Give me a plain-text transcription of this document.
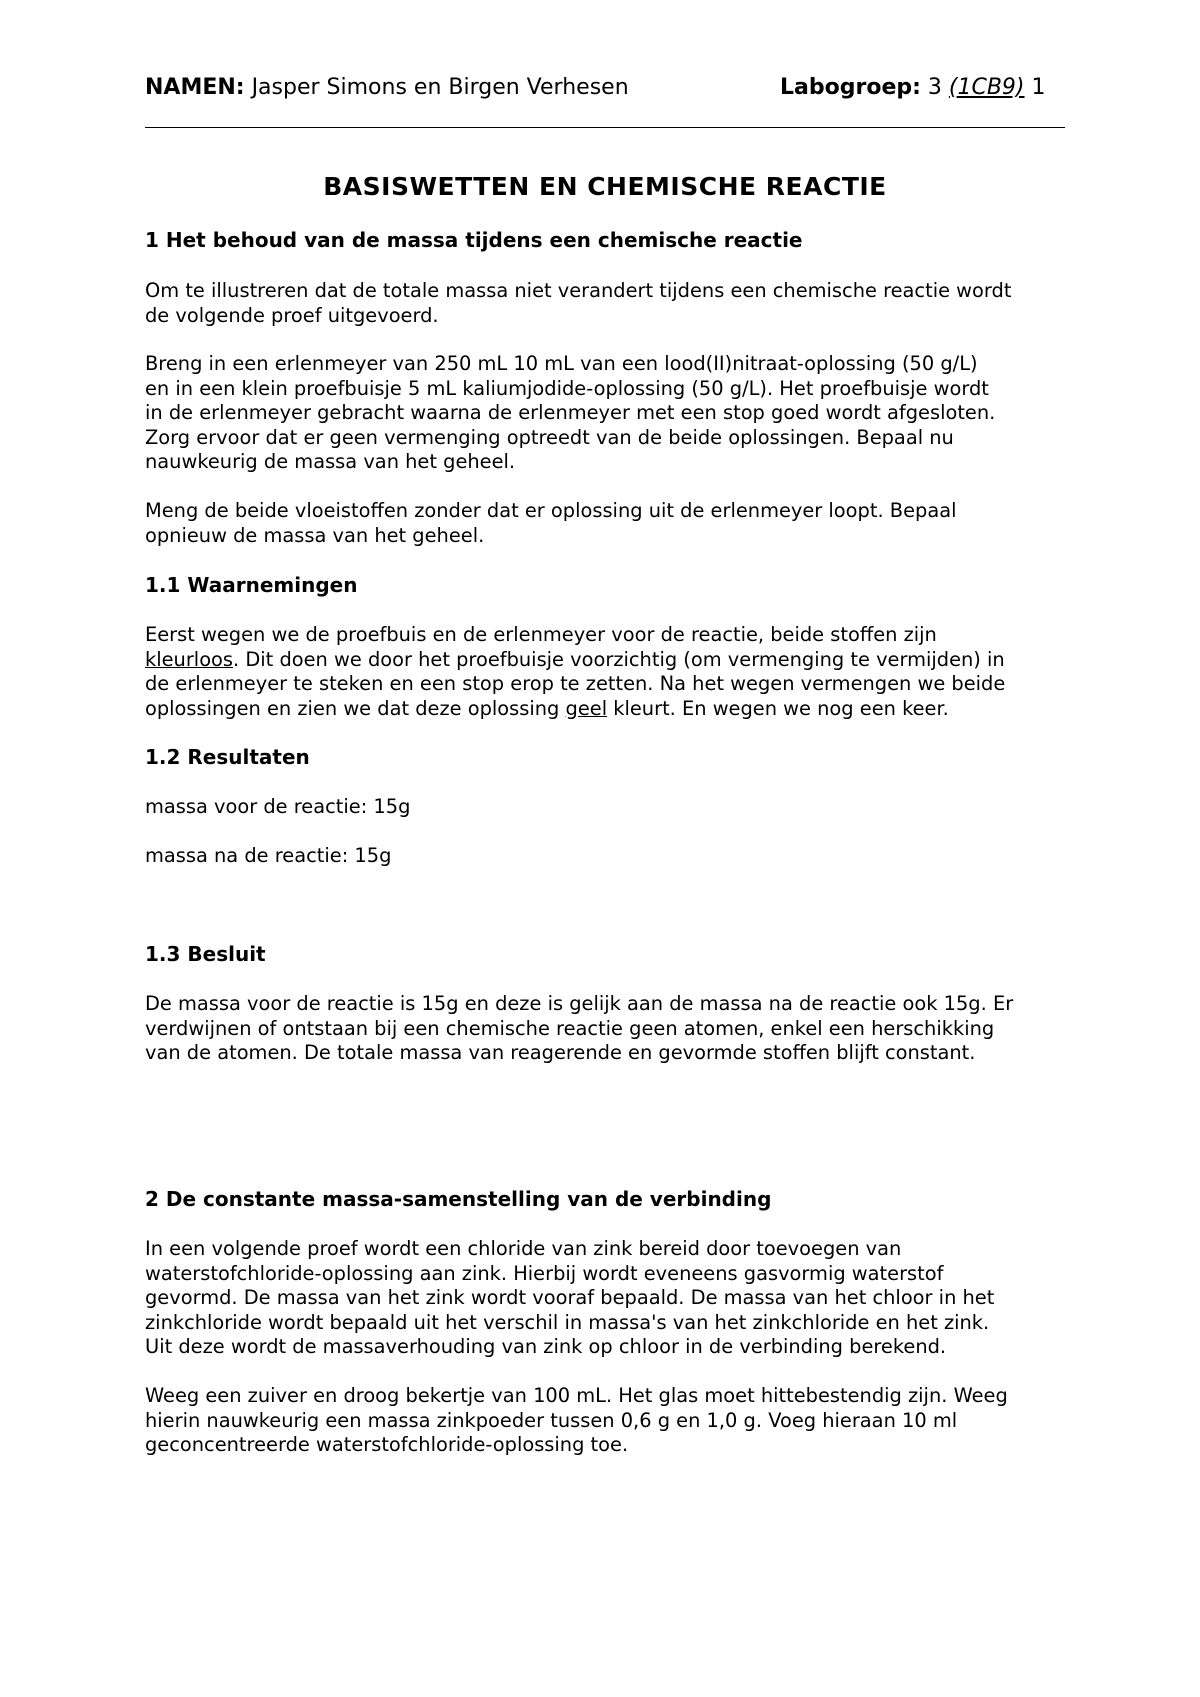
NAMEN: Jasper Simons en Birgen Verhesen	Labogroep: 3 (1CB9) 1
BASISWETTEN EN CHEMISCHE REACTIE
1 Het behoud van de massa tijdens een chemische reactie
Om te illustreren dat de totale massa niet verandert tijdens een chemische reactie wordt
de volgende proef uitgevoerd.
Breng in een erlenmeyer van 250 mL 10 mL van een lood(II)nitraat-oplossing (50 g/L)
en in een klein proefbuisje 5 mL kaliumjodide-oplossing (50 g/L). Het proefbuisje wordt
in de erlenmeyer gebracht waarna de erlenmeyer met een stop goed wordt afgesloten.
Zorg ervoor dat er geen vermenging optreedt van de beide oplossingen. Bepaal nu
nauwkeurig de massa van het geheel.
Meng de beide vloeistoffen zonder dat er oplossing uit de erlenmeyer loopt. Bepaal
opnieuw de massa van het geheel.
1.1 Waarnemingen
Eerst wegen we de proefbuis en de erlenmeyer voor de reactie, beide stoffen zijn
kleurloos. Dit doen we door het proefbuisje voorzichtig (om vermenging te vermijden) in
de erlenmeyer te steken en een stop erop te zetten. Na het wegen vermengen we beide
oplossingen en zien we dat deze oplossing geel kleurt. En wegen we nog een keer.
1.2 Resultaten
massa voor de reactie: 15g
massa na de reactie: 15g
1.3 Besluit
De massa voor de reactie is 15g en deze is gelijk aan de massa na de reactie ook 15g. Er
verdwijnen of ontstaan bij een chemische reactie geen atomen, enkel een herschikking
van de atomen. De totale massa van reagerende en gevormde stoffen blijft constant.
2 De constante massa-samenstelling van de verbinding
In een volgende proef wordt een chloride van zink bereid door toevoegen van
waterstofchloride-oplossing aan zink. Hierbij wordt eveneens gasvormig waterstof
gevormd. De massa van het zink wordt vooraf bepaald. De massa van het chloor in het
zinkchloride wordt bepaald uit het verschil in massa's van het zinkchloride en het zink.
Uit deze wordt de massaverhouding van zink op chloor in de verbinding berekend.
Weeg een zuiver en droog bekertje van 100 mL. Het glas moet hittebestendig zijn. Weeg
hierin nauwkeurig een massa zinkpoeder tussen 0,6 g en 1,0 g. Voeg hieraan 10 ml
geconcentreerde waterstofchloride-oplossing toe.
